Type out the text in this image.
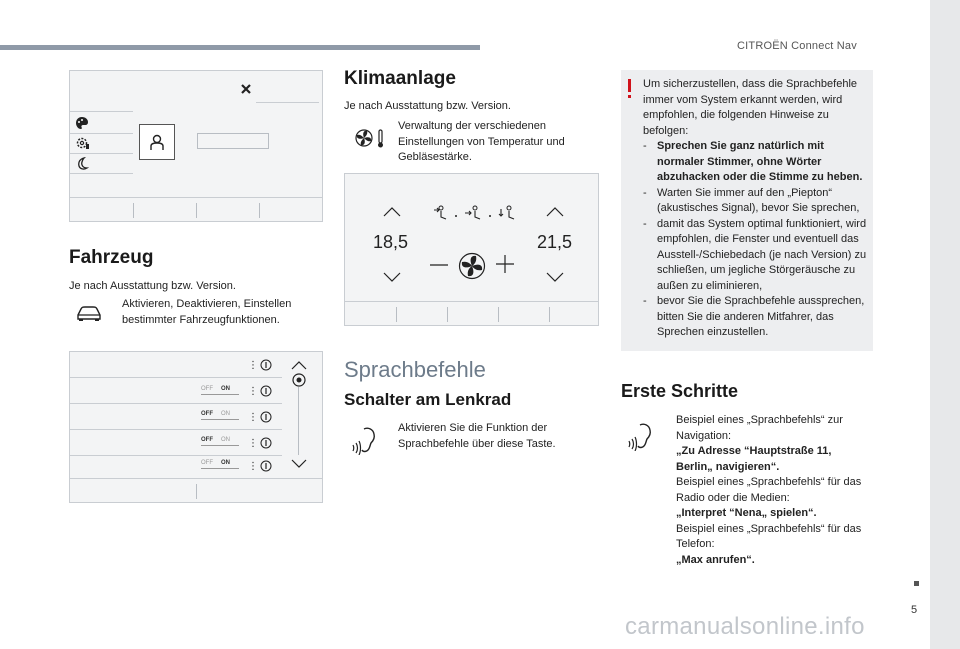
CITROËN Connect Nav
5
carmanualsonline.info
Fahrzeug
Je nach Ausstattung bzw. Version.
Aktivieren, Deaktivieren, Einstellen
bestimmter Fahrzeugfunktionen.
⋮
OFF ON	⋮
OFF ON	⋮
OFF ON	⋮
OFF ON	⋮
Klimaanlage
Je nach Ausstattung bzw. Version.
Verwaltung der verschiedenen
Einstellungen von Temperatur und
Gebläsestärke.
18,5	21,5
Sprachbefehle
Schalter am Lenkrad
Aktivieren Sie die Funktion der
Sprachbefehle über diese Taste.
Um sicherzustellen, dass die Sprachbefehle
immer vom System erkannt werden, wird
empfohlen, die folgenden Hinweise zu
befolgen:
- Sprechen Sie ganz natürlich mit
normaler Stimmer, ohne Wörter
abzuhacken oder die Stimme zu heben.
- Warten Sie immer auf den „Piepton“
(akustisches Signal), bevor Sie sprechen,
- damit das System optimal funktioniert, wird
empfohlen, die Fenster und eventuell das
Ausstell-/Schiebedach (je nach Version) zu
schließen, um jegliche Störgeräusche zu
außen zu eliminieren,
- bevor Sie die Sprachbefehle aussprechen,
bitten Sie die anderen Mitfahrer, das
Sprechen einzustellen.
Erste Schritte
Beispiel eines „Sprachbefehls“ zur
Navigation:
„Zu Adresse “Hauptstraße 11,
Berlin„ navigieren“.
Beispiel eines „Sprachbefehls“ für das
Radio oder die Medien:
„Interpret “Nena„ spielen“.
Beispiel eines „Sprachbefehls“ für das
Telefon:
„Max anrufen“.
